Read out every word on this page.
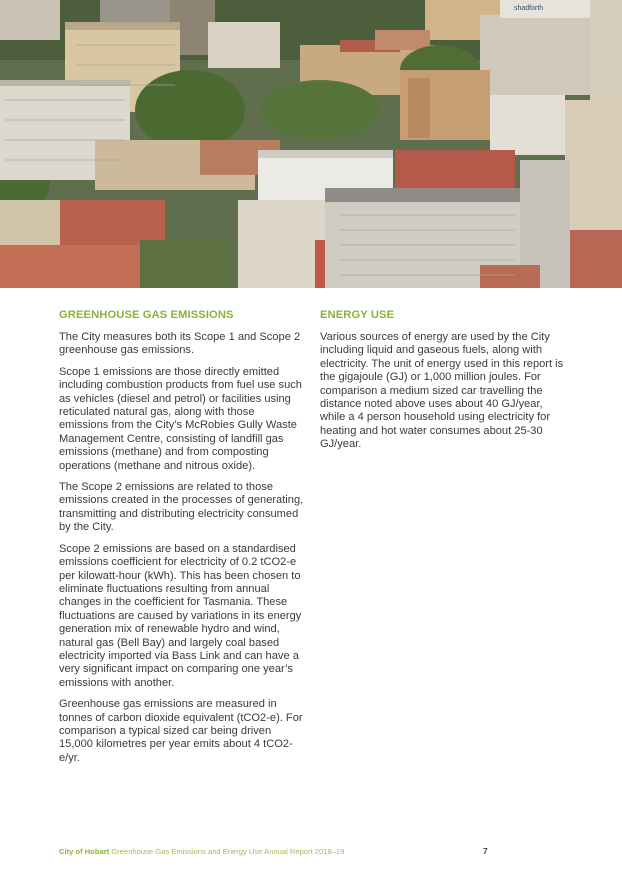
shadforth
GREENHOUSE GAS EMISSIONS

The City measures both its Scope 1 and Scope 2 greenhouse gas emissions.

Scope 1 emissions are those directly emitted including combustion products from fuel use such as vehicles (diesel and petrol) or facilities using reticulated natural gas, along with those emissions from the City’s McRobies Gully Waste Management Centre, consisting of landfill gas emissions (methane) and from composting operations (methane and nitrous oxide).

The Scope 2 emissions are related to those emissions created in the processes of generating, transmitting and distributing electricity consumed by the City.

Scope 2 emissions are based on a standardised emissions coefficient for electricity of 0.2 tCO2-e per kilowatt-hour (kWh). This has been chosen to eliminate fluctuations resulting from annual changes in the coefficient for Tasmania. These fluctuations are caused by variations in its energy generation mix of renewable hydro and wind, natural gas (Bell Bay) and largely coal based electricity imported via Bass Link and can have a very significant impact on comparing one year’s emissions with another.

Greenhouse gas emissions are measured in tonnes of carbon dioxide equivalent (tCO2-e). For comparison a typical sized car being driven 15,000 kilometres per year emits about 4 tCO2-e/yr.

ENERGY USE

Various sources of energy are used by the City including liquid and gaseous fuels, along with electricity. The unit of energy used in this report is the gigajoule (GJ) or 1,000 million joules. For comparison a medium sized car travelling the distance noted above uses about 40 GJ/year, while a 4 person household using electricity for heating and hot water consumes about 25-30 GJ/year.

City of Hobart Greenhouse Gas Emissions and Energy Use Annual Report 2018–19	7
